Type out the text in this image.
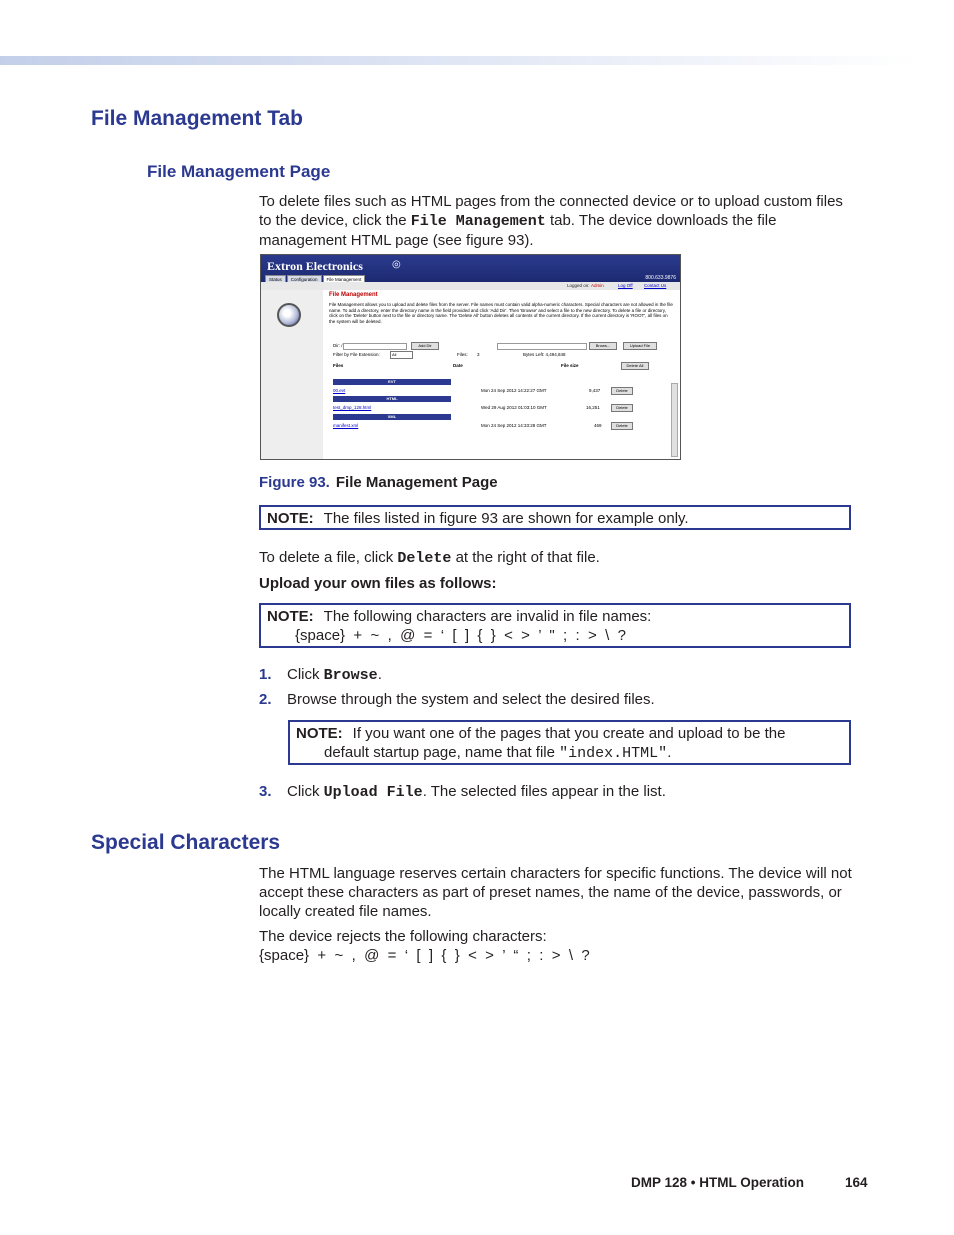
File Management Tab
File Management Page

To delete files such as HTML pages from the connected device or to upload custom files to the device, click the File Management tab. The device downloads the file management HTML page (see figure 93).

Extron Electronics	◎
800.633.9876
Status	Configuration	File Management
Logged on: Admin	Log Off	Contact Us
File Management
File Management allows you to upload and delete files from the server. File names must contain valid alpha-numeric characters. Special characters are not allowed in the file name. To add a directory, enter the directory name in the field provided and click 'Add Dir'. Then 'Browse' and select a file to the new directory. To delete a file or directory, click on the 'Delete' button next to the file or directory name. The 'Delete All' button deletes all contents of the current directory. If the current directory is 'ROOT', all files on the system will be deleted.
Dir: /	Add Dir	Brows...	Upload File
Filter by File Extension:	All	Files: 3	Bytes Left: 4,494,848
Files	Date	File size	Delete All
EVT
00.evt	Mon 24 Sep 2012 14:22:27 GMT	9,437	Delete
HTML
test_dmp_128.html	Wed 29 Aug 2012 01:03:10 GMT	16,251	Delete
XML
manifest.xml	Mon 24 Sep 2012 14:33:28 GMT	469	Delete
Figure 93. File Management Page
NOTE: The files listed in figure 93 are shown for example only.

To delete a file, click Delete at the right of that file.

Upload your own files as follows:

NOTE: The following characters are invalid in file names:
{space}  +  ~  ,  @  =  ‘  [  ]  {  }  <  >  ’  "  ;  :  >  \  ?

1. Click Browse.

2. Browse through the system and select the desired files.

NOTE: If you want one of the pages that you create and upload to be the
default startup page, name that file "index.HTML".

3. Click Upload File. The selected files appear in the list.

Special Characters

The HTML language reserves certain characters for specific functions. The device will not accept these characters as part of preset names, the name of the device, passwords, or locally created file names.

The device rejects the following characters:

{space}  +  ~  ,  @  =  ‘  [  ]  {  }  <  >  ’  “  ;  :  >  \  ?

DMP 128 • HTML Operation	164
